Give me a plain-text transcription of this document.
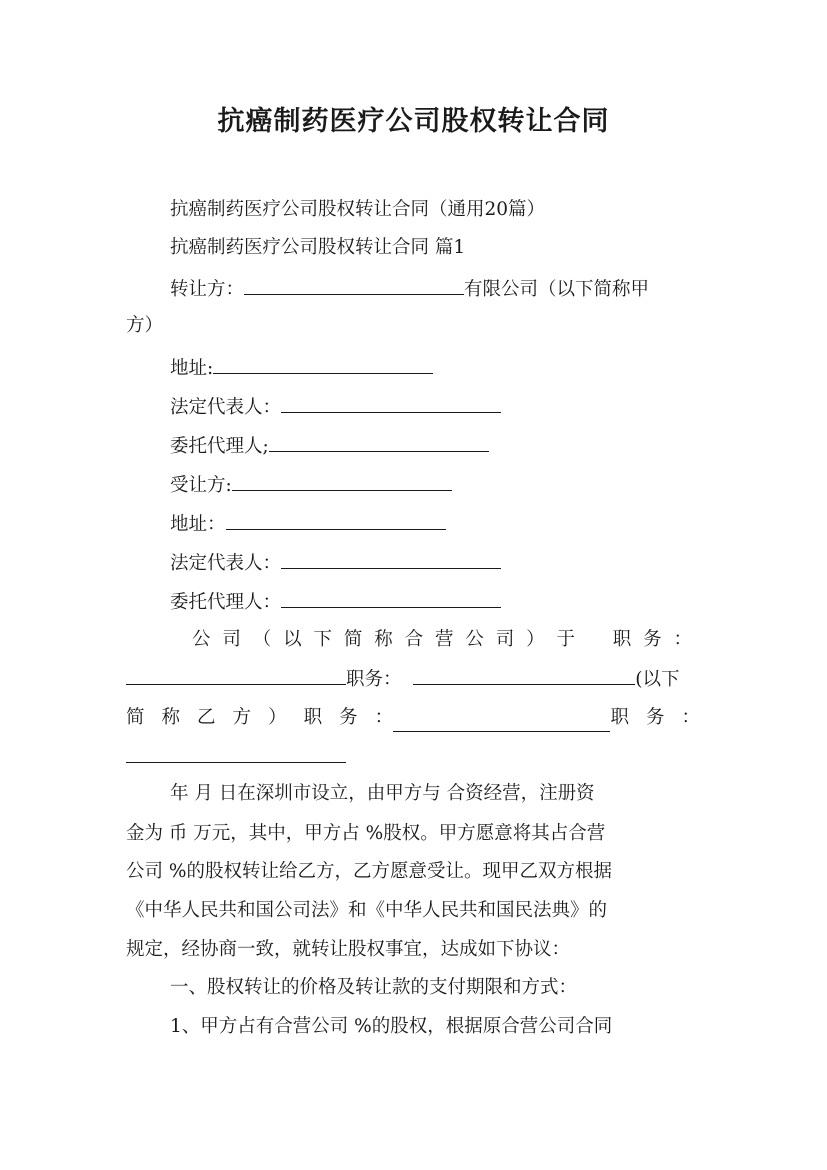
抗癌制药医疗公司股权转让合同
抗癌制药医疗公司股权转让合同（通用20篇）
抗癌制药医疗公司股权转让合同 篇1
转让方：	有限公司（以下简称甲
方）
地址:
法定代表人：
委托代理人;
受让方:
地址：
法定代表人：
委托代理人：
公 司 （ 以 下 简 称 合 营 公 司 ） 于 职 务 ：
职务：	(以下
简 称 乙 方 ） 职 务 ：	职 务 ：
年 月 日在深圳市设立，由甲方与 合资经营，注册资
金为 币 万元，其中，甲方占 %股权。甲方愿意将其占合营
公司 %的股权转让给乙方，乙方愿意受让。现甲乙双方根据
《中华人民共和国公司法》和《中华人民共和国民法典》的
规定，经协商一致，就转让股权事宜，达成如下协议：
一、股权转让的价格及转让款的支付期限和方式：
1、甲方占有合营公司 %的股权，根据原合营公司合同
